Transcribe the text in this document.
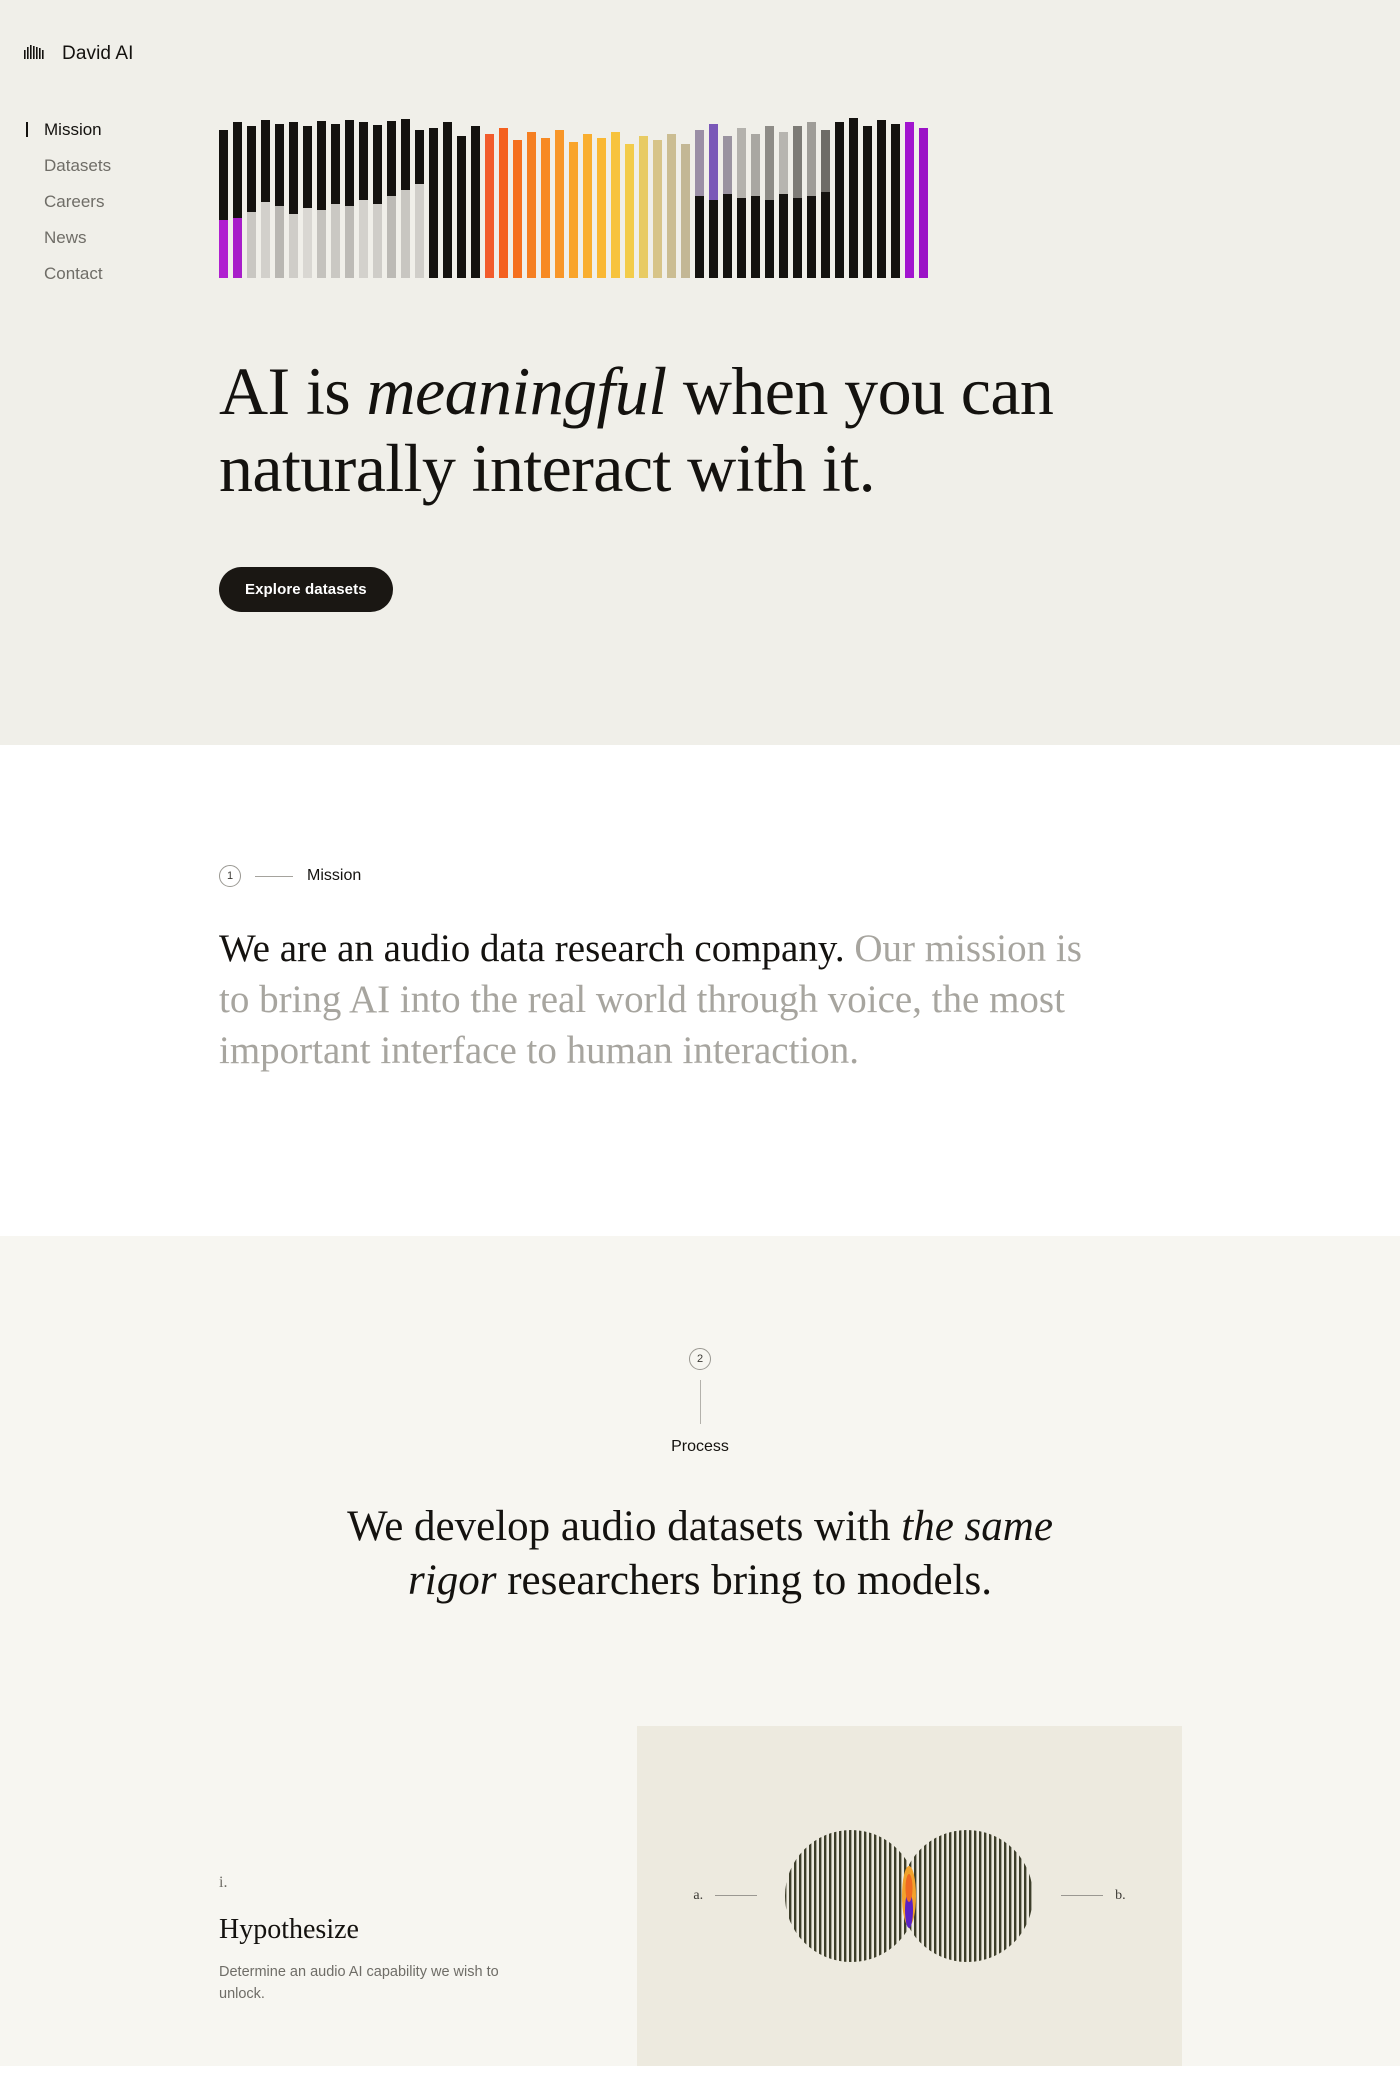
David AI
Mission
Datasets
Careers
News
Contact
AI is meaningful when you can naturally interact with it.
Explore datasets
1	Mission
We are an audio data research company. Our mission is to bring AI into the real world through voice, the most important interface to human interaction.
2
Process
We develop audio datasets with the same rigor researchers bring to models.
i.
Hypothesize
Determine an audio AI capability we wish to unlock.
a.	b.
